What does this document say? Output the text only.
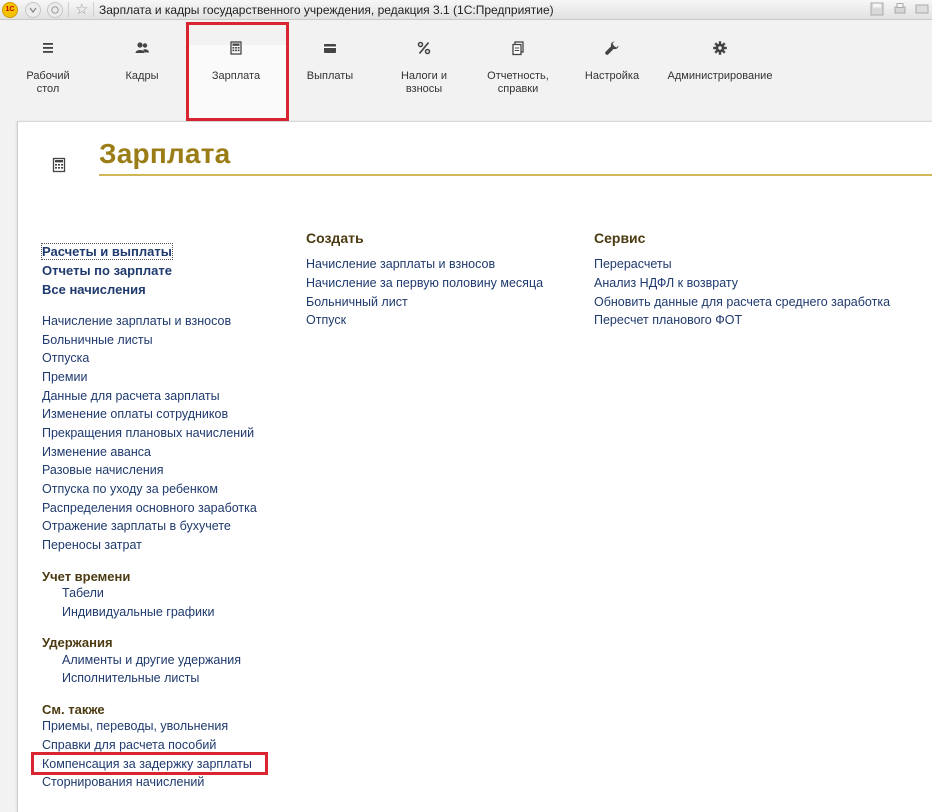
1С	☆ Зарплата и кадры государственного учреждения, редакция 3.1 (1С:Предприятие)
Рабочий
стол
Кадры	Зарплата	Выплаты	Налоги и
взносы
Отчетность,
справки
Настройка	Администрирование
Зарплата
Расчеты и выплаты
Отчеты по зарплате
Все начисления
Начисление зарплаты и взносов
Больничные листы
Отпуска
Премии
Данные для расчета зарплаты
Изменение оплаты сотрудников
Прекращения плановых начислений
Изменение аванса
Разовые начисления
Отпуска по уходу за ребенком
Распределения основного заработка
Отражение зарплаты в бухучете
Переносы затрат
Учет времени
Табели
Индивидуальные графики
Удержания
Алименты и другие удержания
Исполнительные листы
См. также
Приемы, переводы, увольнения
Справки для расчета пособий
Компенсация за задержку зарплаты
Сторнирования начислений
Создать
Начисление зарплаты и взносов
Начисление за первую половину месяца
Больничный лист
Отпуск
Сервис
Перерасчеты
Анализ НДФЛ к возврату
Обновить данные для расчета среднего заработка
Пересчет планового ФОТ
